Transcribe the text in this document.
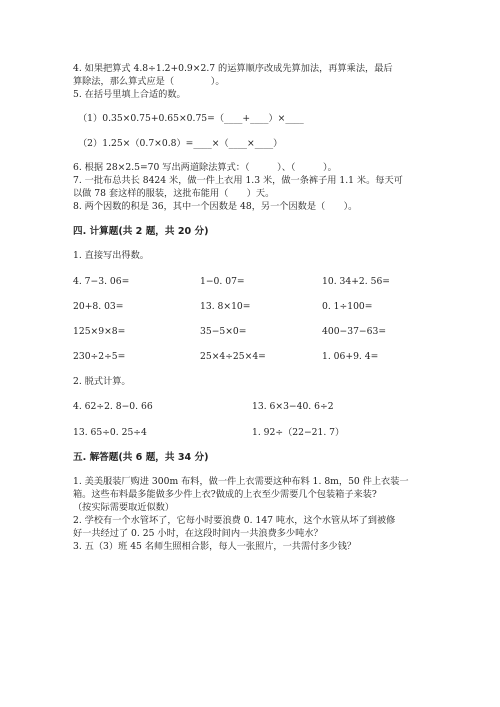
4. 如果把算式 4.8÷1.2+0.9×2.7 的运算顺序改成先算加法，再算乘法，最后
算除法，那么算式应是（　　　　）。
5. 在括号里填上合适的数。
（1）0.35×0.75+0.65×0.75=（____+____）×____
（2）1.25×（0.7×0.8）=____×（____×____）
6. 根据 28×2.5=70 写出两道除法算式：（　　　）、（　　　）。
7. 一批布总共长 8424 米，做一件上衣用 1.3 米，做一条裤子用 1.1 米。每天可
以做 78 套这样的服装，这批布能用（　　）天。
8. 两个因数的积是 36，其中一个因数是 48，另一个因数是（　　）。
四. 计算题(共 2 题，共 20 分)
1. 直接写出得数。
4. 7−3. 06=	1−0. 07=	10. 34+2. 56=
20+8. 03=	13. 8×10=	0. 1÷100=
125×9×8=	35−5×0=	400−37−63=
230÷2÷5=	25×4÷25×4=	1. 06+9. 4=
2. 脱式计算。
4. 62÷2. 8−0. 66	13. 6×3−40. 6÷2
13. 65÷0. 25÷4	1. 92÷（22−21. 7）
五. 解答题(共 6 题，共 34 分)
1. 美美服装厂购进 300m 布料，做一件上衣需要这种布料 1. 8m，50 件上衣装一
箱。这些布料最多能做多少件上衣?做成的上衣至少需要几个包装箱子来装?
（按实际需要取近似数）
2. 学校有一个水管坏了，它每小时要浪费 0. 147 吨水，这个水管从坏了到被修
好一共经过了 0. 25 小时，在这段时间内一共浪费多少吨水？
3. 五（3）班 45 名师生照相合影，每人一张照片，一共需付多少钱？
